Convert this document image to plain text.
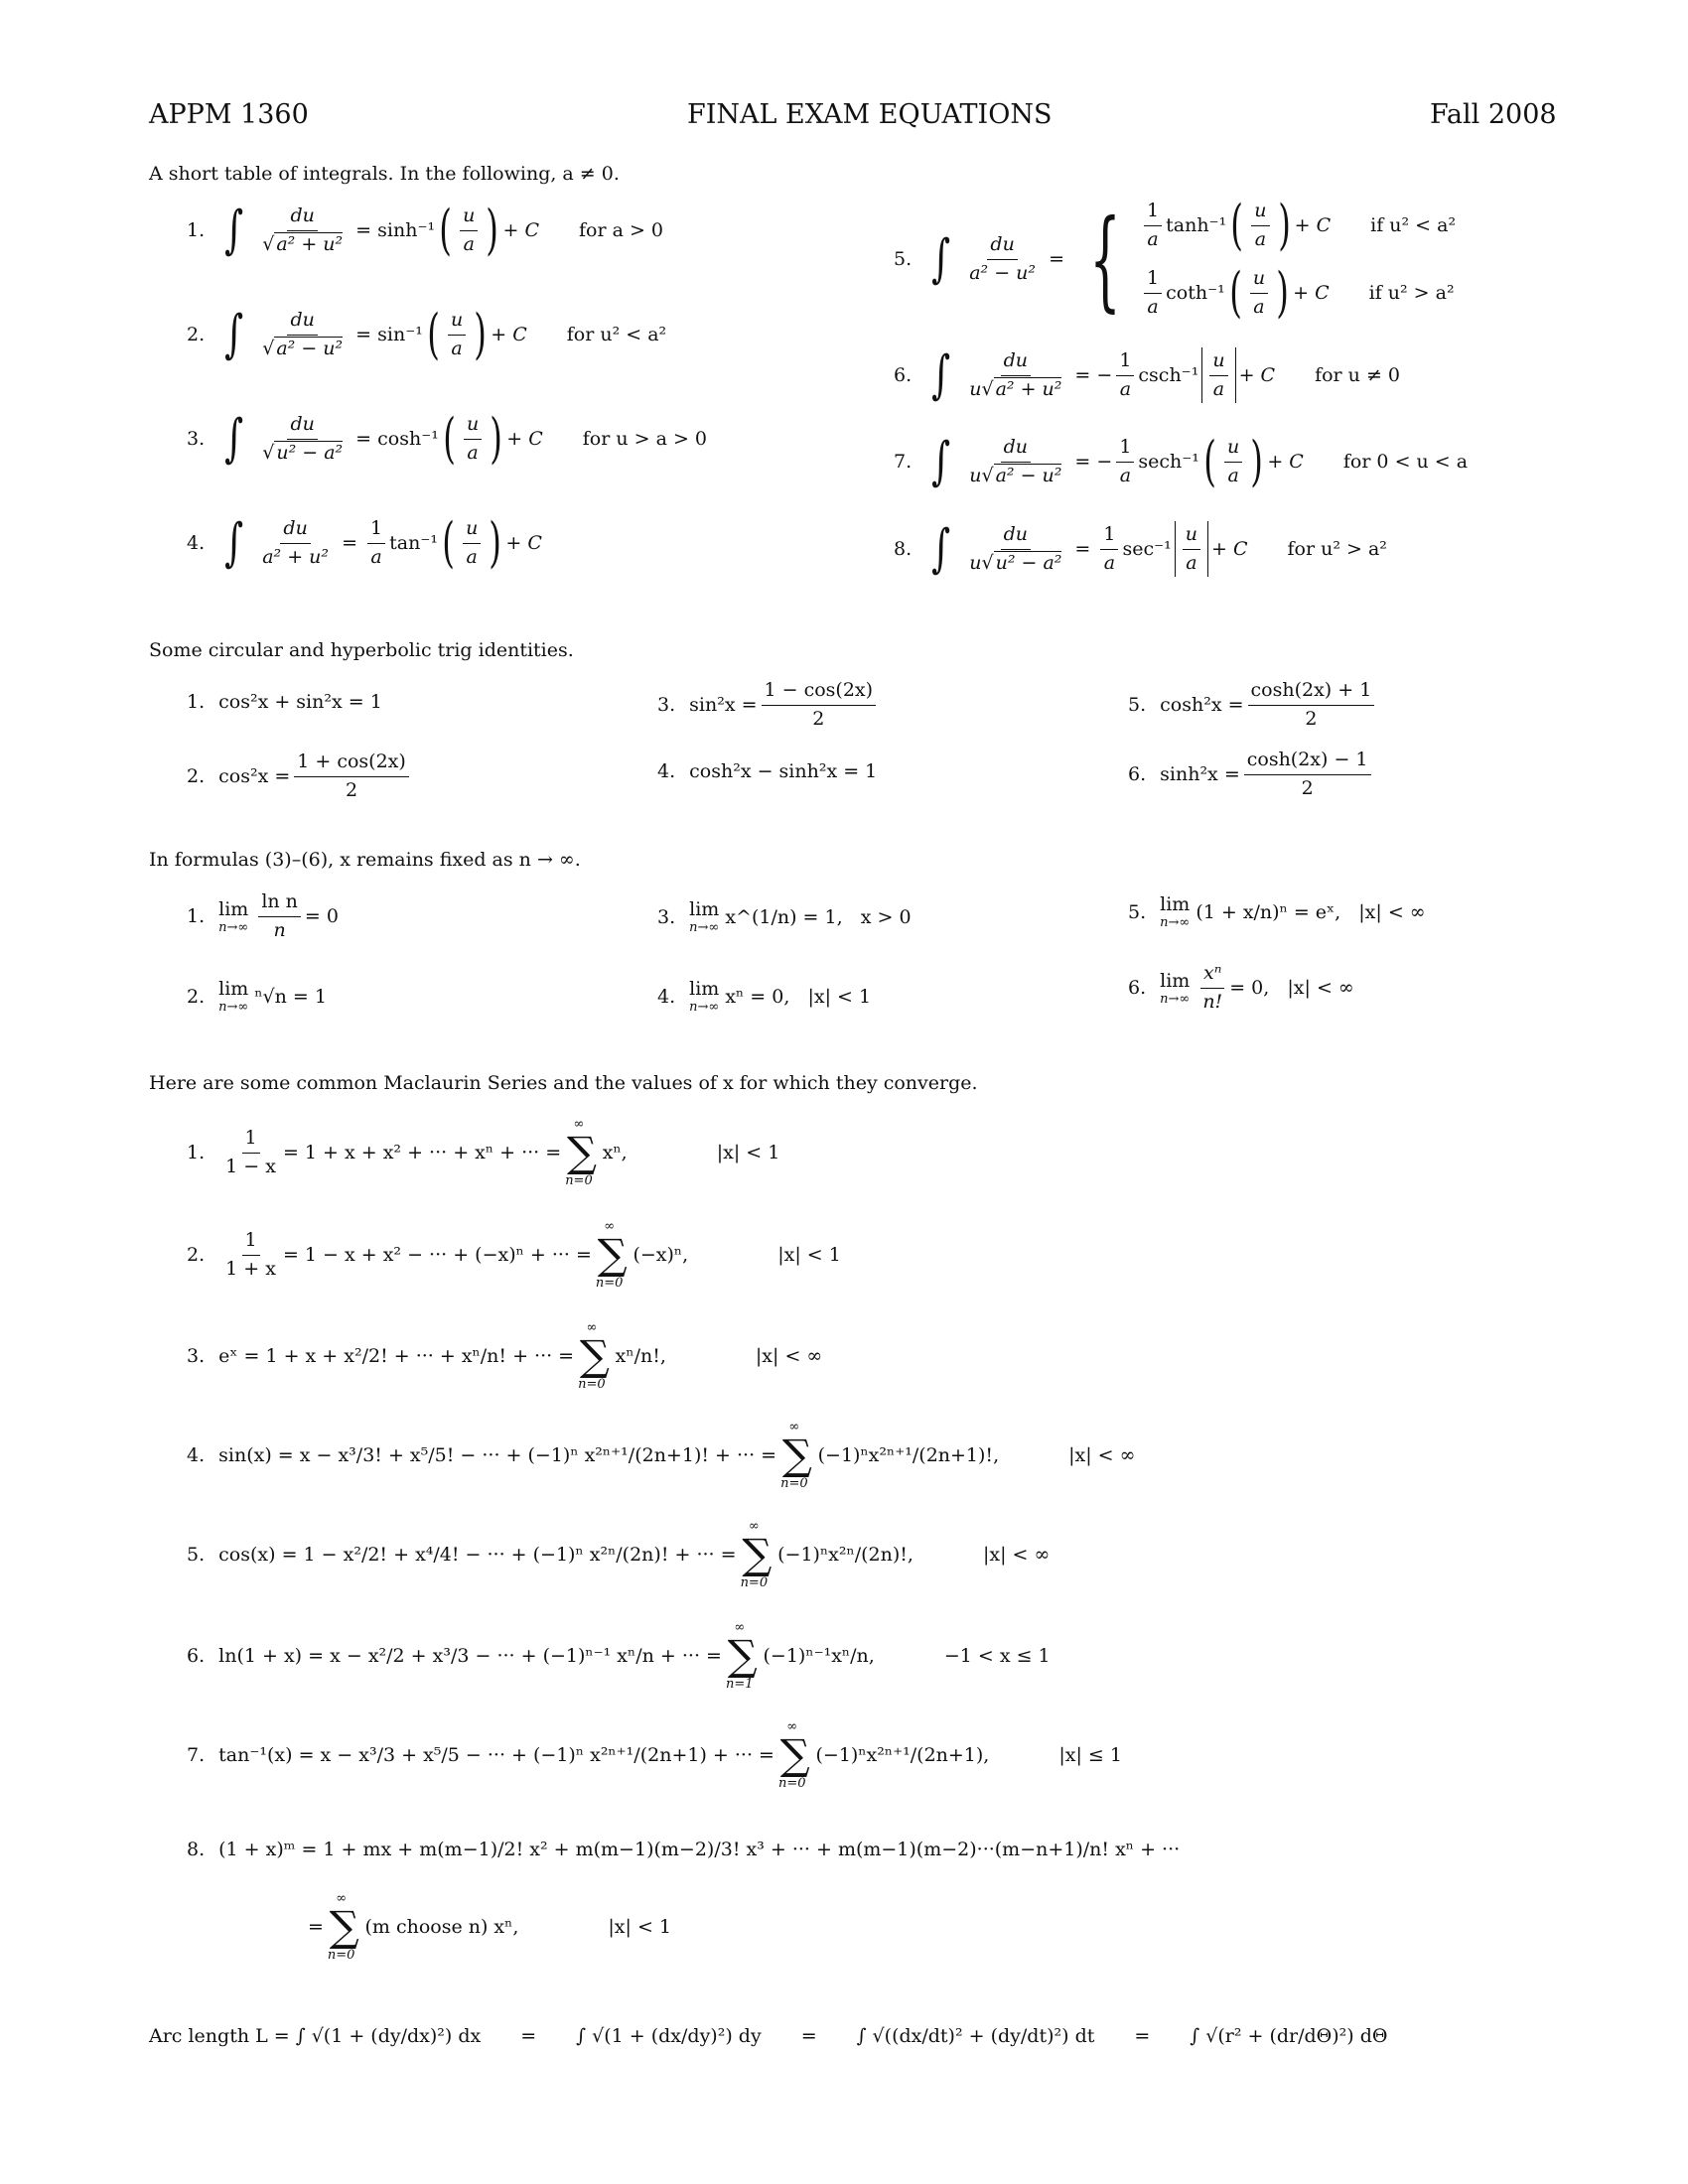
APPM 1360	FINAL EXAM EQUATIONS	Fall 2008
A short table of integrals. In the following, a ≠ 0.
1. ∫ $\frac{du}{\text{√ a² + u²}} = \sinh^{-1}$ ( $\frac{u}{a}$ ) + C for a > 0
2. ∫ $\frac{du}{\text{√ a² − u²}} = \sin^{-1}$ ( $\frac{u}{a}$ ) + C for u² < a²
3. ∫ $\frac{du}{\text{√ u² − a²}} = \cosh^{-1}$ ( $\frac{u}{a}$ ) + C for u > a > 0
4. ∫ $\frac{du}{\text{a² + u²}} = \frac{1}{a} \tan^{-1}$ ( $\frac{u}{a}$ ) + C
5. ∫ $\frac{du}{\text{a² − u²}}$ = { $\frac{1}{a} \tanh^{-1}$ ( $\frac{u}{a}$ ) + C if u² < a²
$\frac{1}{a} \cot h^{-1}$ ( $\frac{u}{a}$ ) + C if u² > a²
6. ∫ $\frac{du}{\text{u√ a² + u²}}$ = − $\frac{1}{a} \csc h^{-1} \frac{u}{a} + C$ for u ≠ 0
7. ∫ $\frac{du}{\text{u√ a² − u²}}$ = − $\frac{1}{a} \sec h^{-1}$ ( $\frac{u}{a}$ ) + C for 0 < u < a
8. ∫ $\frac{du}{\text{u√ u² − a²}} = \frac{1}{a} \sec^{-1} \frac{u}{a} + C$ for u² > a²
Some circular and hyperbolic trig identities.
1. cos²x + sin²x = 1
2. $\cos^2x = \frac{1 + \cos(2x)}{2}$
3. $\sin^2x = \frac{1 - \cos(2x)}{2}$
4. cosh²x − sinh²x = 1
5. $\cosh^2x = \frac{\cosh(2x) + 1}{2}$
6. $\sinh^2x = \frac{\cosh(2x) - 1}{2}$
In formulas (3)–(6), x remains fixed as n → ∞.
1. lim
$n\to\infty \frac{\text{ln n}}{n} = 0$
2. lim
n→∞ ⁿ√n = 1
3. lim
n→∞ x^(1/n) = 1,
x > 0
4. lim
n→∞ xⁿ = 0,
|x| < 1
5. lim
n→∞ (1 + x/n)ⁿ = eˣ,
|x| < ∞
6. lim
$n\to\infty \frac{\text{xⁿ}}{n!} = 0$,
|x| < ∞
Here are some common Maclaurin Series and the values of x for which they converge.
1. $\frac{1}{1 - x} = 1 + x + x^2$ + ··· + xⁿ + ··· =
∞
∑
n=0
xⁿ,	|x| < 1
2. $\frac{1}{1 + x} = 1 - x + x^2$ − ··· + (−x)ⁿ + ··· =
∞
∑
n=0
(−x)ⁿ,	|x| < 1
3. eˣ
= 1 + x + x²/2! + ··· + xⁿ/n! + ··· =
∞
∑
n=0
xⁿ/n!,	|x| < ∞
4. sin(x)
= x − x³/3! + x⁵/5! − ··· + (−1)ⁿ x²ⁿ⁺¹/(2n+1)! + ··· =
∞
∑
n=0
(−1)ⁿx²ⁿ⁺¹/(2n+1)!,	|x| < ∞
5. cos(x)
= 1 − x²/2! + x⁴/4! − ··· + (−1)ⁿ x²ⁿ/(2n)! + ··· =
∞
∑
n=0
(−1)ⁿx²ⁿ/(2n)!,	|x| < ∞
6. ln(1 + x)
= x − x²/2 + x³/3 − ··· + (−1)ⁿ⁻¹ xⁿ/n + ··· =
∞
∑
n=1
(−1)ⁿ⁻¹xⁿ/n,	−1 < x ≤ 1
7. tan⁻¹(x)
= x − x³/3 + x⁵/5 − ··· + (−1)ⁿ x²ⁿ⁺¹/(2n+1) + ··· =
∞
∑
n=0
(−1)ⁿx²ⁿ⁺¹/(2n+1),	|x| ≤ 1
8. (1 + x)ᵐ
= 1 + mx + m(m−1)/2! x² + m(m−1)(m−2)/3! x³ + ··· + m(m−1)(m−2)···(m−n+1)/n! xⁿ + ···
=
∞
∑
n=0
(m choose n) xⁿ,	|x| < 1
Arc length L =
∫ √(1 + (dy/dx)²) dx = ∫ √(1 + (dx/dy)²) dy = ∫ √((dx/dt)² + (dy/dt)²) dt = ∫ √(r² + (dr/dΘ)²) dΘ
